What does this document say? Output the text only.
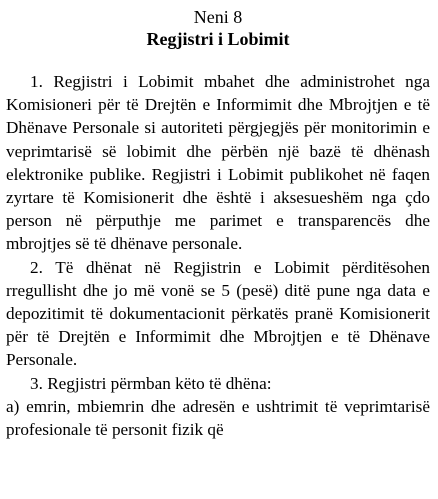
Neni 8
Regjistri i Lobimit

1. Regjistri i Lobimit mbahet dhe administrohet nga Komisioneri për të Drejtën e Informimit dhe Mbrojtjen e të Dhënave Personale si autoriteti përgjegjës për monitorimin e veprimtarisë së lobimit dhe përbën një bazë të dhënash elektronike publike. Regjistri i Lobimit publikohet në faqen zyrtare të Komisionerit dhe është i aksesueshëm nga çdo person në përputhje me parimet e transparencës dhe mbrojtjes së të dhënave personale.

2. Të dhënat në Regjistrin e Lobimit përditësohen rregullisht dhe jo më vonë se 5 (pesë) ditë pune nga data e depozitimit të dokumentacionit përkatës pranë Komisionerit për të Drejtën e Informimit dhe Mbrojtjen e të Dhënave Personale.

3. Regjistri përmban këto të dhëna:

a) emrin, mbiemrin dhe adresën e ushtrimit të veprimtarisë profesionale të personit fizik që
